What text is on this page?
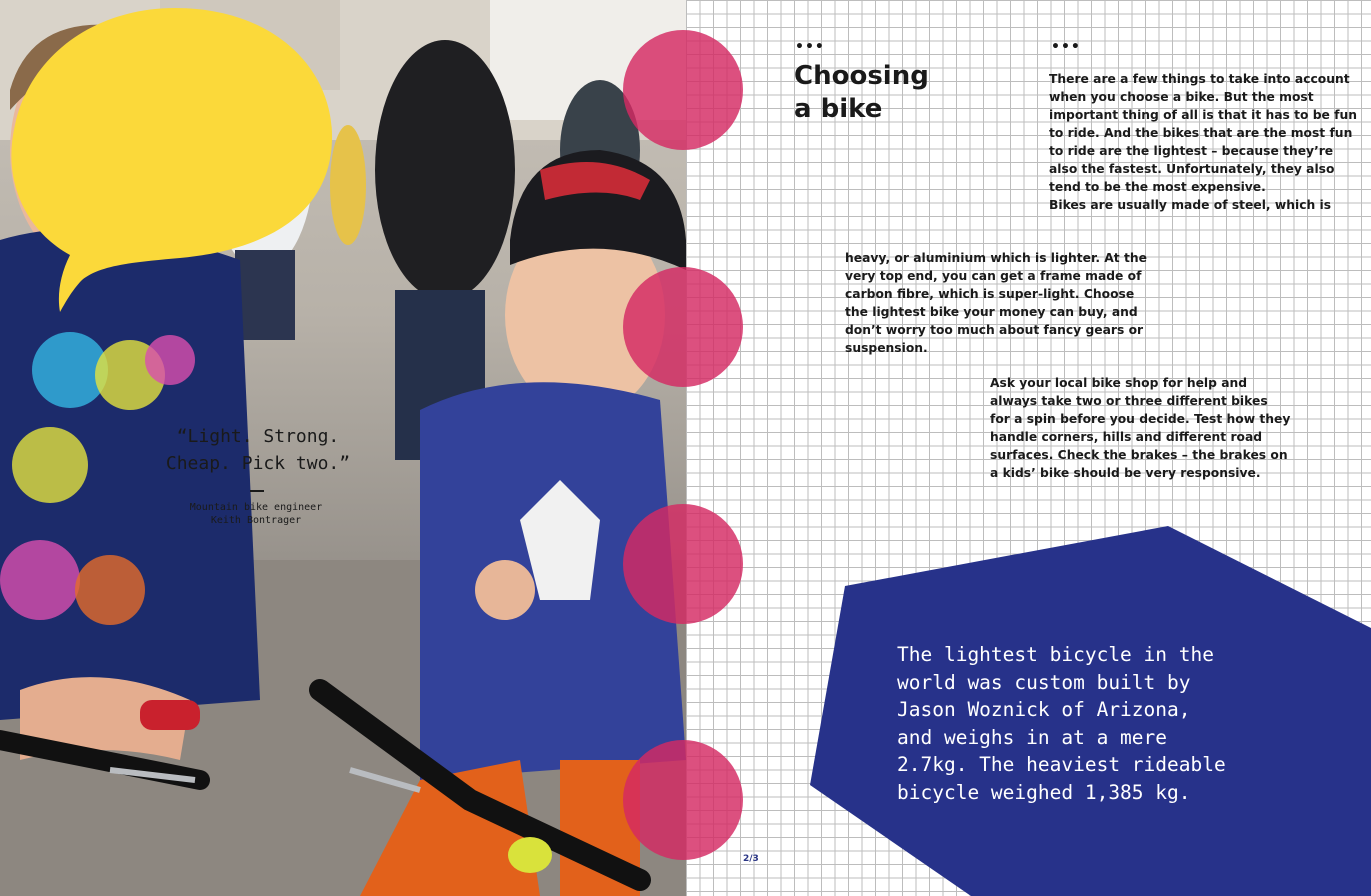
“Light. Strong.
Cheap. Pick two.”

Mountain bike engineer
Keith Bontrager
•••	•••
Choosing
a bike

There are a few things to take into account
when you choose a bike. But the most
important thing of all is that it has to be fun
to ride. And the bikes that are the most fun
to ride are the lightest – because they’re
also the fastest. Unfortunately, they also
tend to be the most expensive.
Bikes are usually made of steel, which is

heavy, or aluminium which is lighter. At the
very top end, you can get a frame made of
carbon fibre, which is super-light. Choose
the lightest bike your money can buy, and
don’t worry too much about fancy gears or
suspension.

Ask your local bike shop for help and
always take two or three different bikes
for a spin before you decide. Test how they
handle corners, hills and different road
surfaces. Check the brakes – the brakes on
a kids’ bike should be very responsive.

The lightest bicycle in the
world was custom built by
Jason Woznick of Arizona,
and weighs in at a mere
2.7kg. The heaviest rideable
bicycle weighed 1,385 kg.

2/3
